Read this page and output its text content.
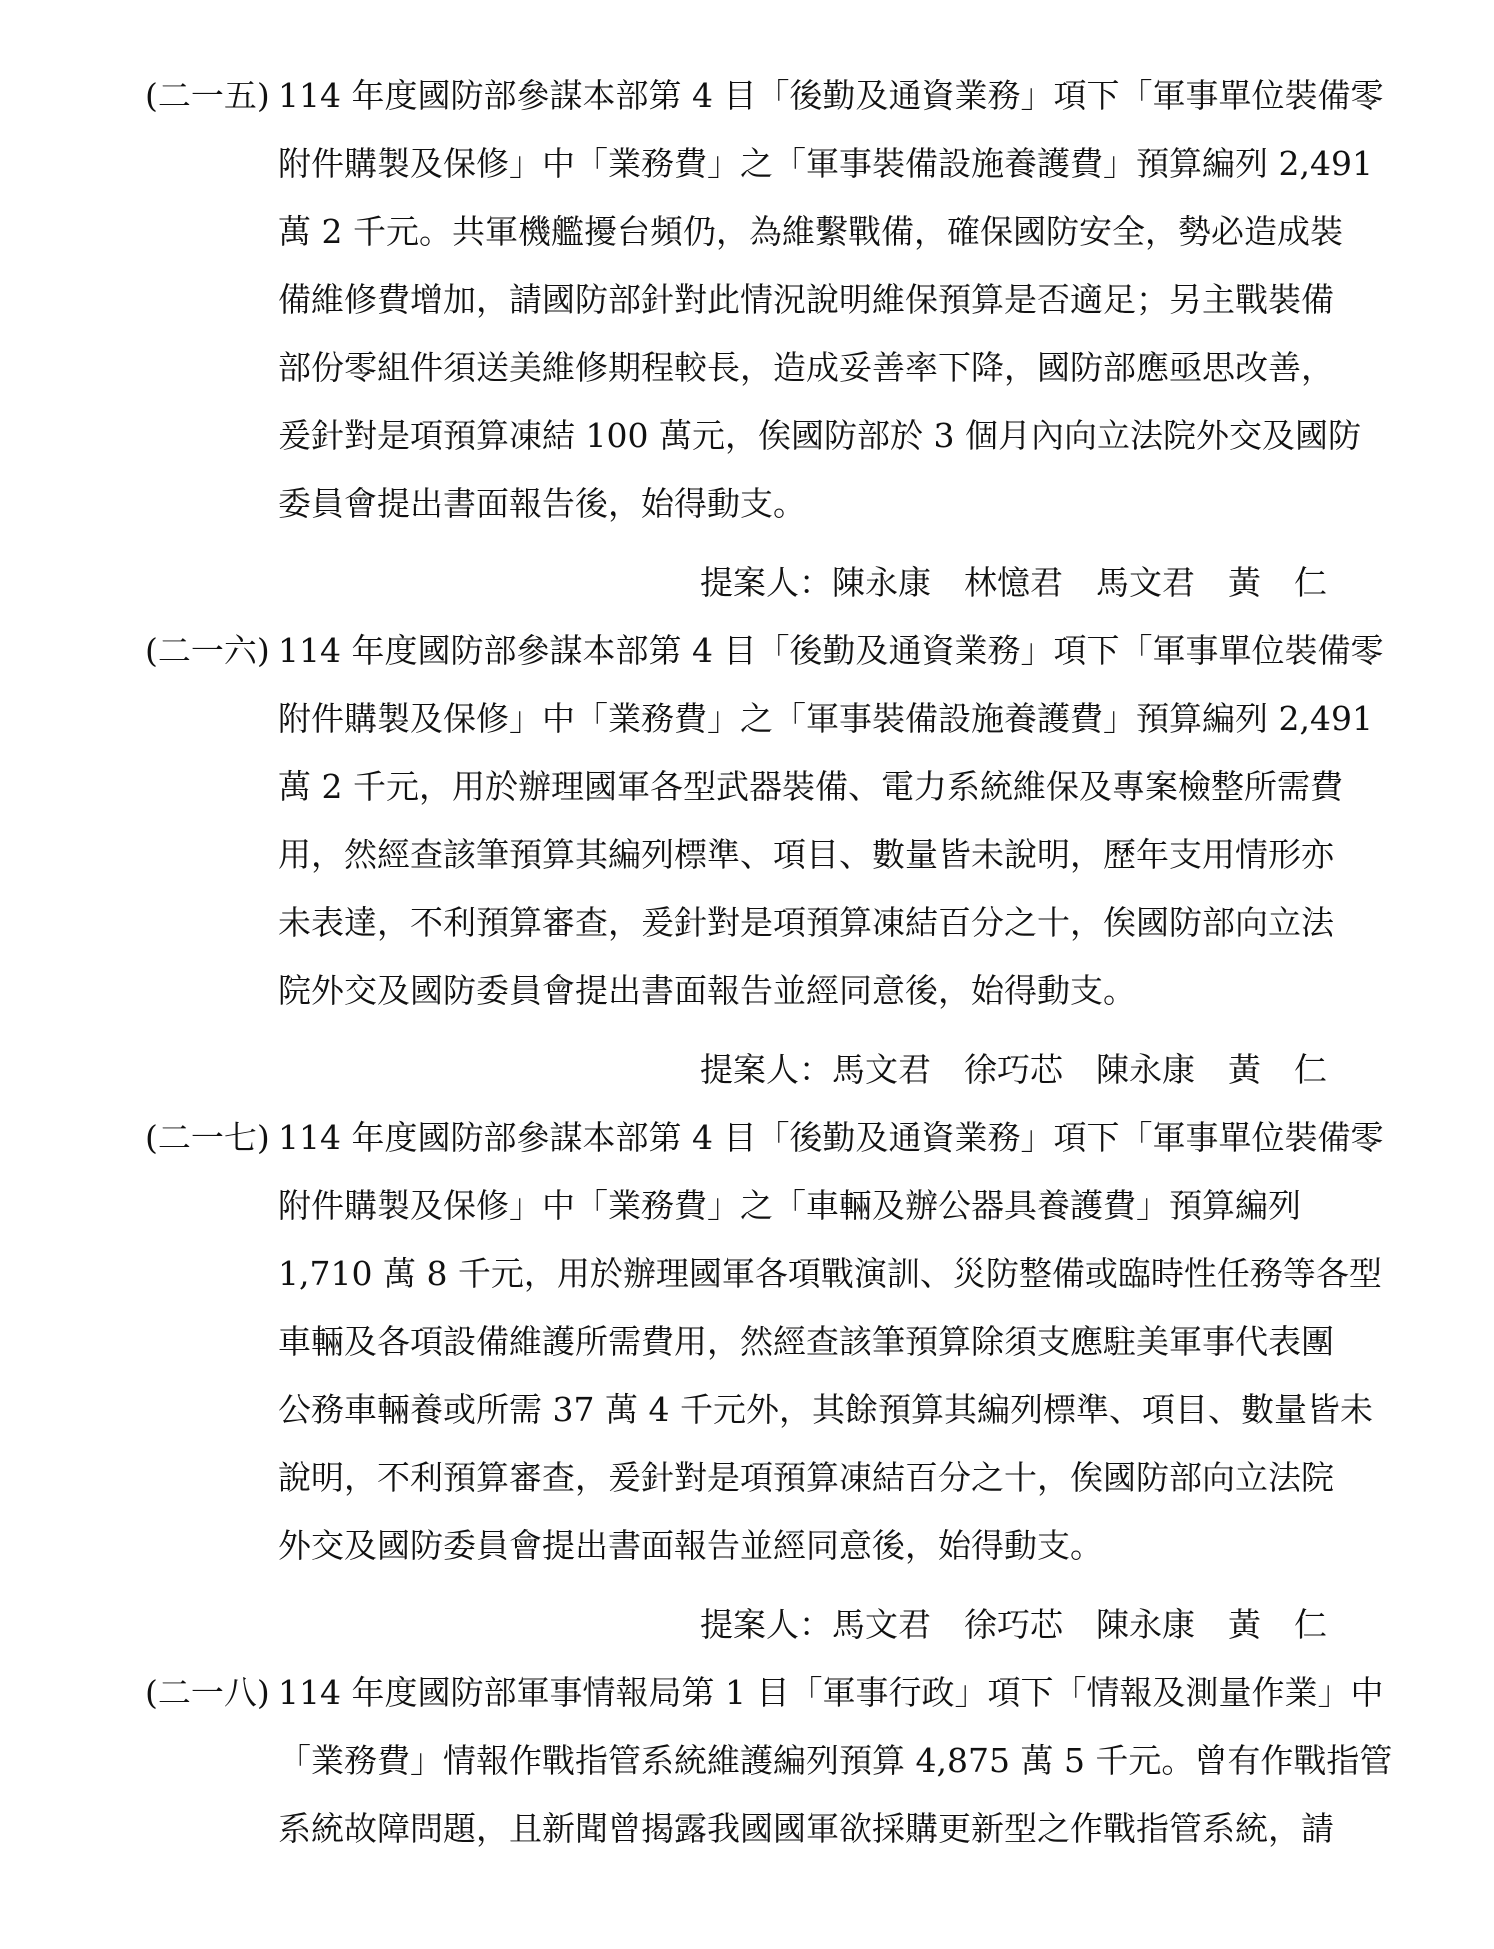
(二一五) 114 年度國防部參謀本部第 4 目「後勤及通資業務」項下「軍事單位裝備零
附件購製及保修」中「業務費」之「軍事裝備設施養護費」預算編列 2,491
萬 2 千元。共軍機艦擾台頻仍，為維繫戰備，確保國防安全，勢必造成裝
備維修費增加，請國防部針對此情況說明維保預算是否適足；另主戰裝備
部份零組件須送美維修期程較長，造成妥善率下降，國防部應亟思改善，
爰針對是項預算凍結 100 萬元，俟國防部於 3 個月內向立法院外交及國防
委員會提出書面報告後，始得動支。
提案人：陳永康　林憶君　馬文君　黃　仁
(二一六) 114 年度國防部參謀本部第 4 目「後勤及通資業務」項下「軍事單位裝備零
附件購製及保修」中「業務費」之「軍事裝備設施養護費」預算編列 2,491
萬 2 千元，用於辦理國軍各型武器裝備、電力系統維保及專案檢整所需費
用，然經查該筆預算其編列標準、項目、數量皆未說明，歷年支用情形亦
未表達，不利預算審查，爰針對是項預算凍結百分之十，俟國防部向立法
院外交及國防委員會提出書面報告並經同意後，始得動支。
提案人：馬文君　徐巧芯　陳永康　黃　仁
(二一七) 114 年度國防部參謀本部第 4 目「後勤及通資業務」項下「軍事單位裝備零
附件購製及保修」中「業務費」之「車輛及辦公器具養護費」預算編列
1,710 萬 8 千元，用於辦理國軍各項戰演訓、災防整備或臨時性任務等各型
車輛及各項設備維護所需費用，然經查該筆預算除須支應駐美軍事代表團
公務車輛養或所需 37 萬 4 千元外，其餘預算其編列標準、項目、數量皆未
說明，不利預算審查，爰針對是項預算凍結百分之十，俟國防部向立法院
外交及國防委員會提出書面報告並經同意後，始得動支。
提案人：馬文君　徐巧芯　陳永康　黃　仁
(二一八) 114 年度國防部軍事情報局第 1 目「軍事行政」項下「情報及測量作業」中
「業務費」情報作戰指管系統維護編列預算 4,875 萬 5 千元。曾有作戰指管
系統故障問題，且新聞曾揭露我國國軍欲採購更新型之作戰指管系統，請
